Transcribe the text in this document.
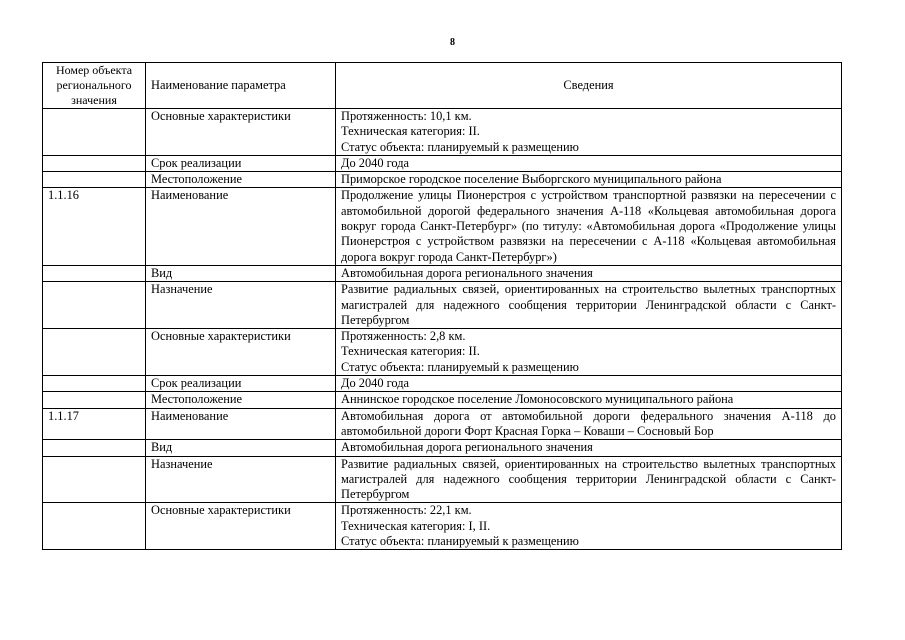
8
Номер объекта регионального значения	Наименование параметра	Сведения
	Основные характеристики	Протяженность: 10,1 км.
Техническая категория: II.
Статус объекта: планируемый к размещению

	Срок реализации	До 2040 года

	Местоположение	Приморское городское поселение Выборгского муниципального района

1.1.16	Наименование	Продолжение улицы Пионерстроя с устройством транспортной развязки на пересечении с автомобильной дорогой федерального значения А-118 «Кольцевая автомобильная дорога вокруг города Санкт-Петербург» (по титулу: «Автомобильная дорога «Продолжение улицы Пионерстроя с устройством развязки на пересечении с А-118 «Кольцевая автомобильная дорога вокруг города Санкт-Петербург»)

	Вид	Автомобильная дорога регионального значения

	Назначение	Развитие радиальных связей, ориентированных на строительство вылетных транспортных магистралей для надежного сообщения территории Ленинградской области с Санкт-Петербургом

	Основные характеристики	Протяженность: 2,8 км.
Техническая категория: II.
Статус объекта: планируемый к размещению

	Срок реализации	До 2040 года

	Местоположение	Аннинское городское поселение Ломоносовского муниципального района

1.1.17	Наименование	Автомобильная дорога от автомобильной дороги федерального значения А-118 до автомобильной дороги Форт Красная Горка – Коваши – Сосновый Бор

	Вид	Автомобильная дорога регионального значения

	Назначение	Развитие радиальных связей, ориентированных на строительство вылетных транспортных магистралей для надежного сообщения территории Ленинградской области с Санкт-Петербургом

	Основные характеристики	Протяженность: 22,1 км.
Техническая категория: I, II.
Статус объекта: планируемый к размещению
